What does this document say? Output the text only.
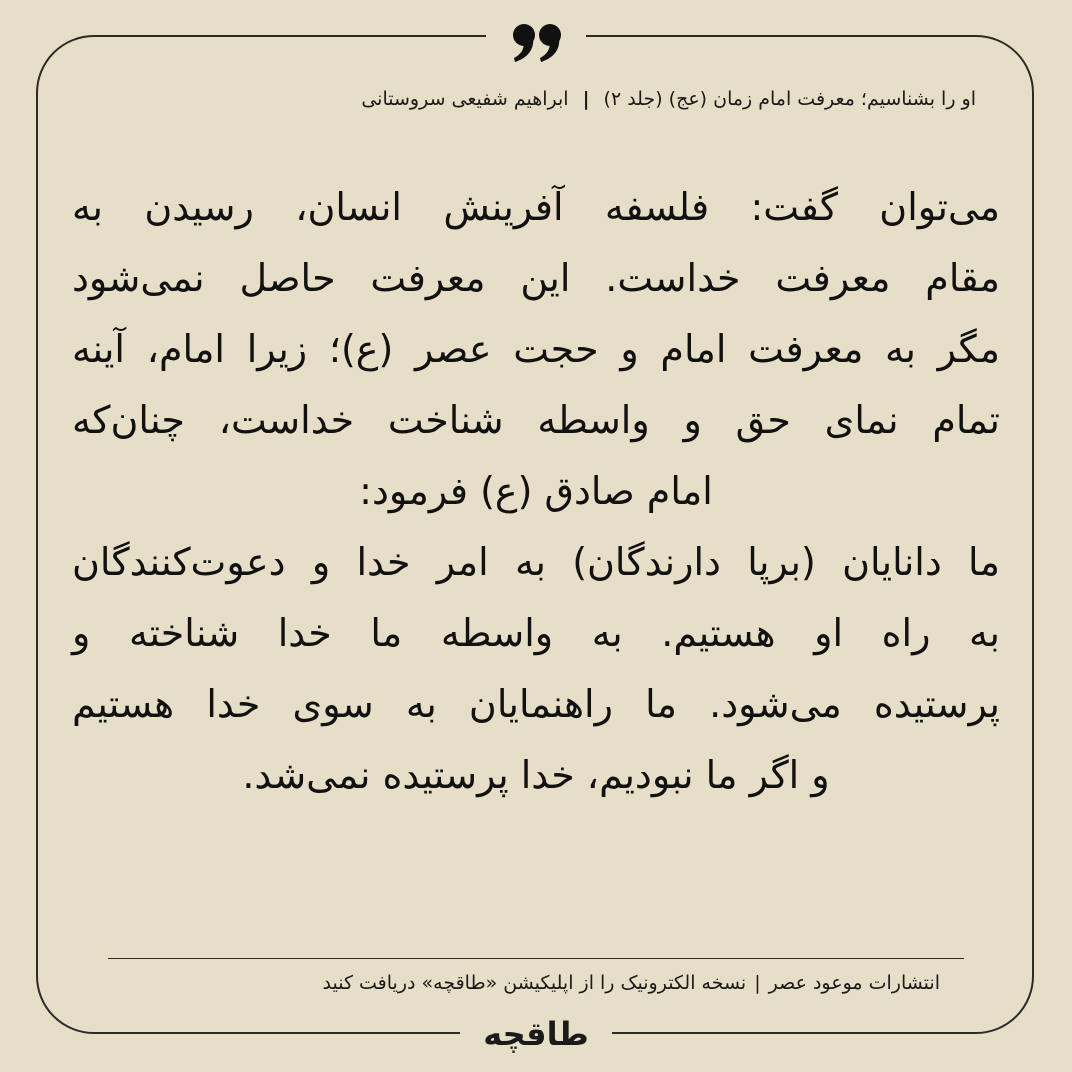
او را بشناسیم؛ معرفت امام زمان (عج) (جلد ۲)|ابراهیم شفیعی سروستانی

می‌توان گفت: فلسفه آفرینش انسان، رسیدن به

مقام معرفت خداست. این معرفت حاصل نمی‌شود

مگر به معرفت امام و حجت عصر (ع)؛ زیرا امام، آینه

تمام نمای حق و واسطه شناخت خداست، چنان‌که

امام صادق (ع) فرمود:

ما دانایان (برپا دارندگان) به امر خدا و دعوت‌کنندگان

به راه او هستیم. به واسطه ما خدا شناخته و

پرستیده می‌شود. ما راهنمایان به سوی خدا هستیم

و اگر ما نبودیم، خدا پرستیده نمی‌شد.

انتشارات موعود عصر|نسخه الکترونیک را از اپلیکیشن «طاقچه» دریافت کنید
طاقچه
